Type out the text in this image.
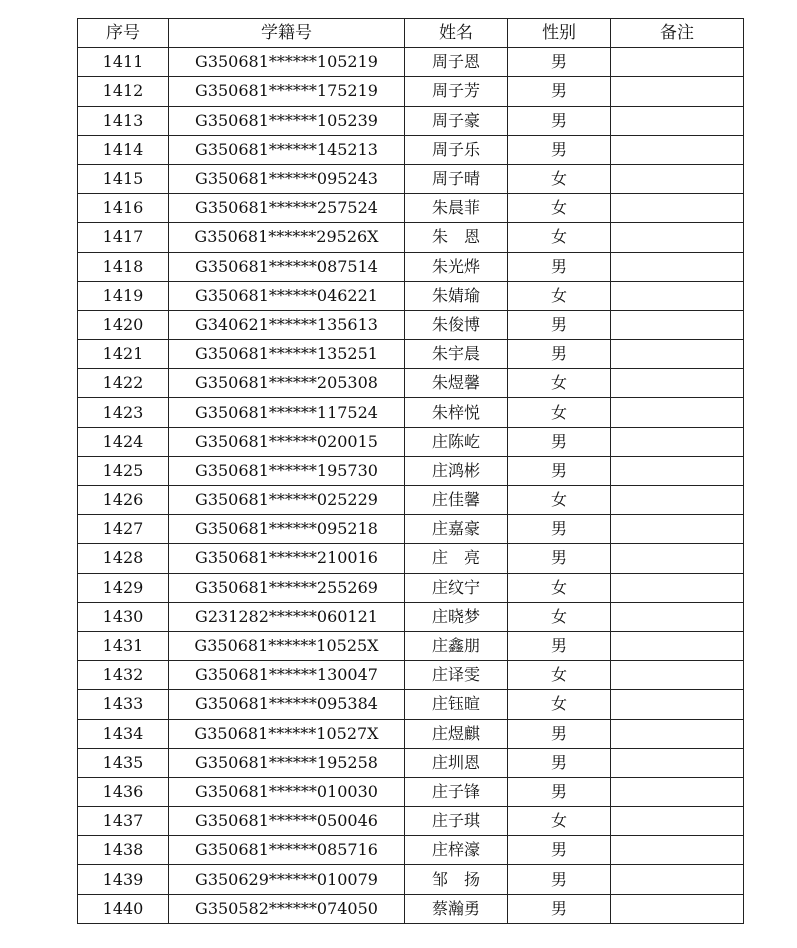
序号	学籍号	姓名	性别	备注
1411	G350681******105219	周子恩	男	
1412	G350681******175219	周子芳	男	
1413	G350681******105239	周子豪	男	
1414	G350681******145213	周子乐	男	
1415	G350681******095243	周子晴	女	
1416	G350681******257524	朱晨菲	女	
1417	G350681******29526X	朱　恩	女	
1418	G350681******087514	朱光烨	男	
1419	G350681******046221	朱婧瑜	女	
1420	G340621******135613	朱俊博	男	
1421	G350681******135251	朱宇晨	男	
1422	G350681******205308	朱煜馨	女	
1423	G350681******117524	朱梓悦	女	
1424	G350681******020015	庄陈屹	男	
1425	G350681******195730	庄鸿彬	男	
1426	G350681******025229	庄佳馨	女	
1427	G350681******095218	庄嘉豪	男	
1428	G350681******210016	庄　亮	男	
1429	G350681******255269	庄纹宁	女	
1430	G231282******060121	庄晓梦	女	
1431	G350681******10525X	庄鑫朋	男	
1432	G350681******130047	庄译雯	女	
1433	G350681******095384	庄钰暄	女	
1434	G350681******10527X	庄煜麒	男	
1435	G350681******195258	庄圳恩	男	
1436	G350681******010030	庄子锋	男	
1437	G350681******050046	庄子琪	女	
1438	G350681******085716	庄梓濠	男	
1439	G350629******010079	邹　扬	男	
1440	G350582******074050	蔡瀚勇	男	
